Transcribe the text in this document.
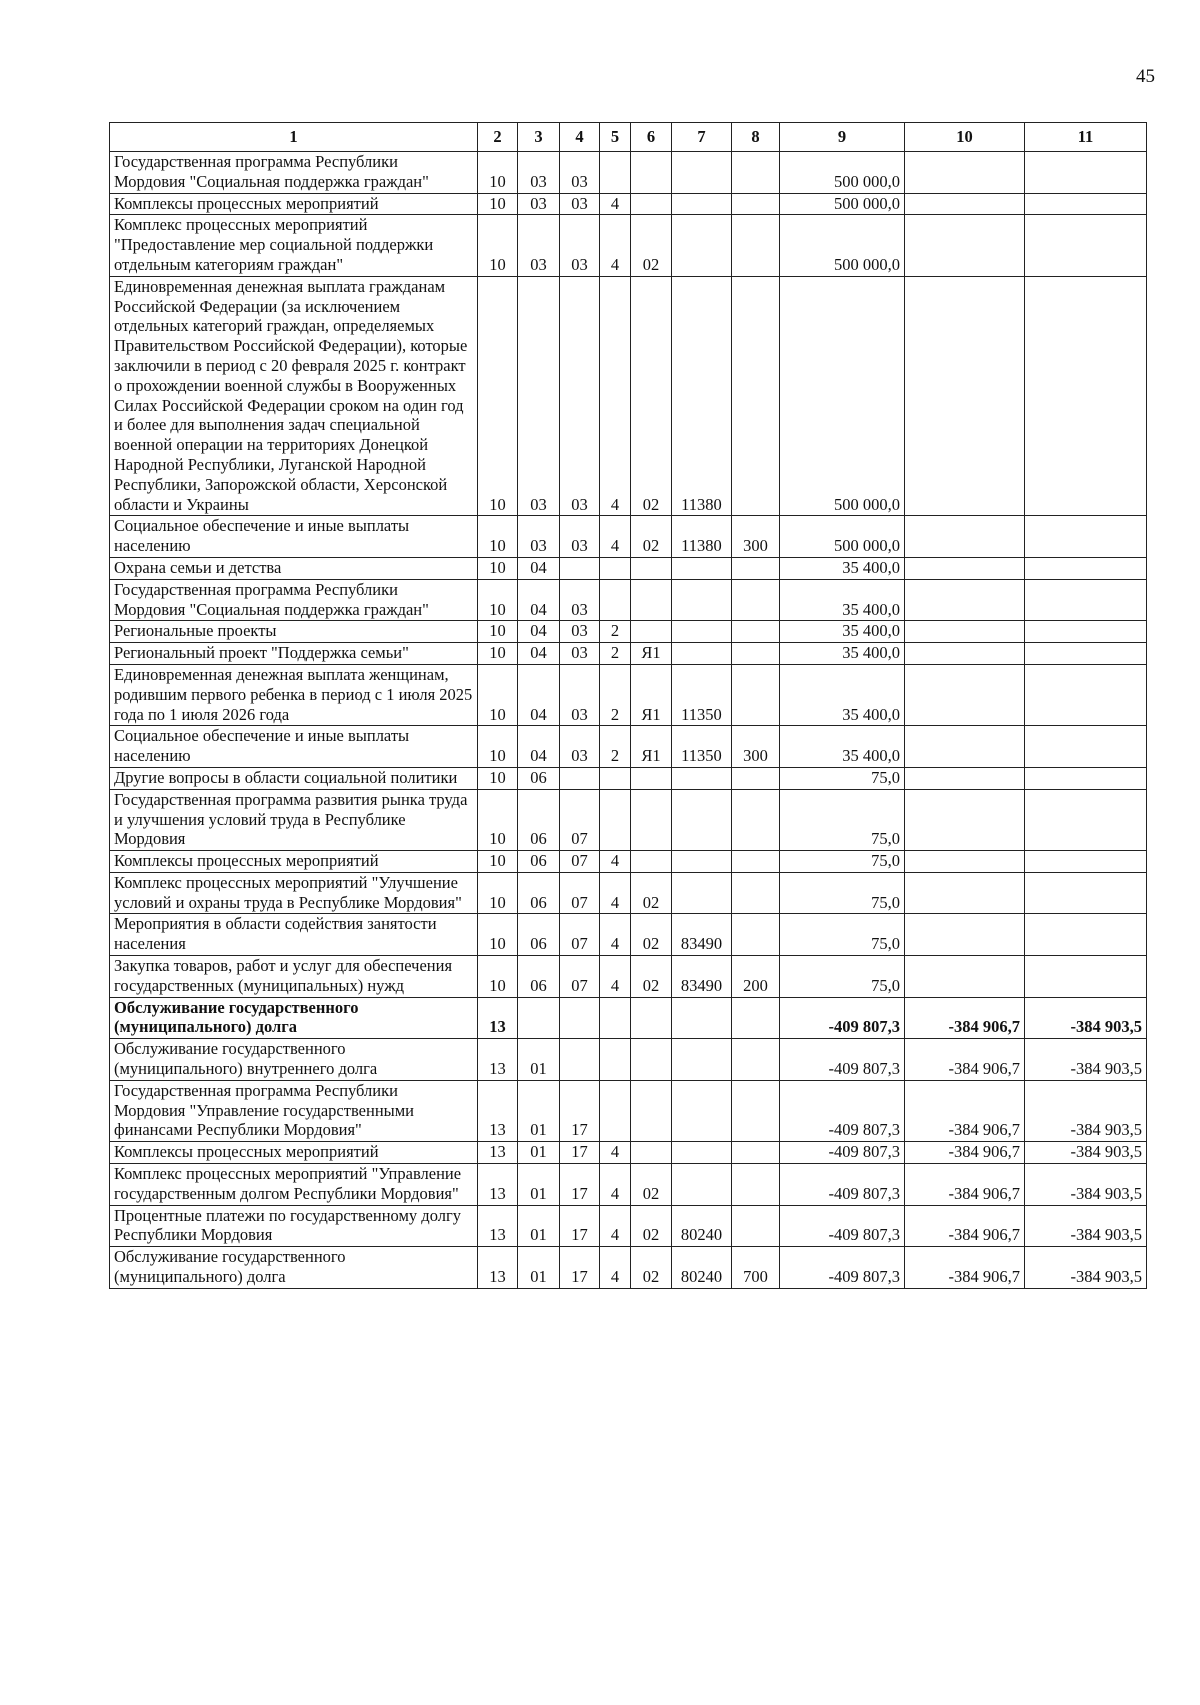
45
1	2	3	4	5	6	7	8	9	10	11
Государственная программа Республики Мордовия "Социальная поддержка граждан"	10	03	03					500 000,0		
Комплексы процессных мероприятий	10	03	03	4				500 000,0		
Комплекс процессных мероприятий "Предоставление мер социальной поддержки отдельным категориям граждан"	10	03	03	4	02			500 000,0		
Единовременная денежная выплата гражданам Российской Федерации (за исключением отдельных категорий граждан, определяемых Правительством Российской Федерации), которые заключили в период с 20 февраля 2025 г. контракт о прохождении военной службы в Вооруженных Силах Российской Федерации сроком на один год и более для выполнения задач специальной военной операции на территориях Донецкой Народной Республики, Луганской Народной Республики, Запорожской области, Херсонской области и Украины	10	03	03	4	02	11380		500 000,0		
Социальное обеспечение и иные выплаты населению	10	03	03	4	02	11380	300	500 000,0		
Охрана семьи и детства	10	04						35 400,0		
Государственная программа Республики Мордовия "Социальная поддержка граждан"	10	04	03					35 400,0		
Региональные проекты	10	04	03	2				35 400,0		
Региональный проект "Поддержка семьи"	10	04	03	2	Я1			35 400,0		
Единовременная денежная выплата женщинам, родившим первого ребенка в период с 1 июля 2025 года по 1 июля 2026 года	10	04	03	2	Я1	11350		35 400,0		
Социальное обеспечение и иные выплаты населению	10	04	03	2	Я1	11350	300	35 400,0		
Другие вопросы в области социальной политики	10	06						75,0		
Государственная программа развития рынка труда и улучшения условий труда в Республике Мордовия	10	06	07					75,0		
Комплексы процессных мероприятий	10	06	07	4				75,0		
Комплекс процессных мероприятий "Улучшение условий и охраны труда в Республике Мордовия"	10	06	07	4	02			75,0		
Мероприятия в области содействия занятости населения	10	06	07	4	02	83490		75,0		
Закупка товаров, работ и услуг для обеспечения государственных (муниципальных) нужд	10	06	07	4	02	83490	200	75,0		
Обслуживание государственного (муниципального) долга	13							-409 807,3	-384 906,7	-384 903,5
Обслуживание государственного (муниципального) внутреннего долга	13	01						-409 807,3	-384 906,7	-384 903,5
Государственная программа Республики Мордовия "Управление государственными финансами Республики Мордовия"	13	01	17					-409 807,3	-384 906,7	-384 903,5
Комплексы процессных мероприятий	13	01	17	4				-409 807,3	-384 906,7	-384 903,5
Комплекс процессных мероприятий "Управление государственным долгом Республики Мордовия"	13	01	17	4	02			-409 807,3	-384 906,7	-384 903,5
Процентные платежи по государственному долгу Республики Мордовия	13	01	17	4	02	80240		-409 807,3	-384 906,7	-384 903,5
Обслуживание государственного (муниципального) долга	13	01	17	4	02	80240	700	-409 807,3	-384 906,7	-384 903,5
